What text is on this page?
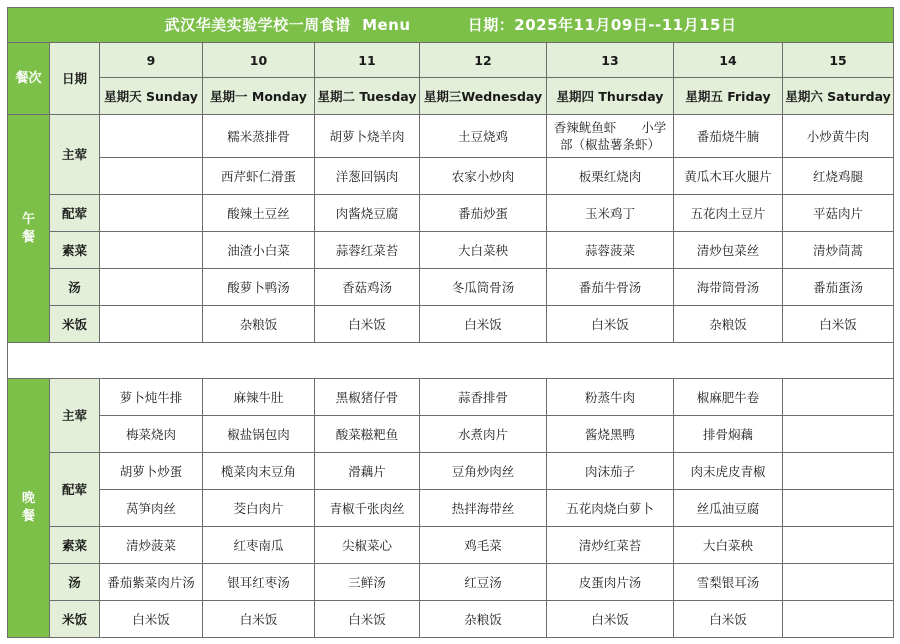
武汉华美实验学校一周食谱 Menu 日期：2025年11月09日--11月15日								
餐次	日期	9	10	11	12	13	14	15
		星期天 Sunday	星期一 Monday	星期二 Tuesday	星期三Wednesday	星期四 Thursday	星期五 Friday	星期六 Saturday
午
餐	主荤		糯米蒸排骨	胡萝卜烧羊肉	土豆烧鸡	香辣鱿鱼虾　　小学部（椒盐薯条虾）	番茄烧牛腩	小炒黄牛肉
			西芹虾仁滑蛋	洋葱回锅肉	农家小炒肉	板栗红烧肉	黄瓜木耳火腿片	红烧鸡腿
	配荤		酸辣土豆丝	肉酱烧豆腐	番茄炒蛋	玉米鸡丁	五花肉土豆片	平菇肉片
	素菜		油渣小白菜	蒜蓉红菜苔	大白菜秧	蒜蓉菠菜	清炒包菜丝	清炒茼蒿
	汤		酸萝卜鸭汤	香菇鸡汤	冬瓜筒骨汤	番茄牛骨汤	海带筒骨汤	番茄蛋汤
	米饭		杂粮饭	白米饭	白米饭	白米饭	杂粮饭	白米饭

晚
餐	主荤	萝卜炖牛排	麻辣牛肚	黑椒猪仔骨	蒜香排骨	粉蒸牛肉	椒麻肥牛卷	
		梅菜烧肉	椒盐锅包肉	酸菜糍粑鱼	水煮肉片	酱烧黑鸭	排骨焖藕	
	配荤	胡萝卜炒蛋	榄菜肉末豆角	滑藕片	豆角炒肉丝	肉沫茄子	肉末虎皮青椒	
		莴笋肉丝	茭白肉片	青椒千张肉丝	热拌海带丝	五花肉烧白萝卜	丝瓜油豆腐	
	素菜	清炒菠菜	红枣南瓜	尖椒菜心	鸡毛菜	清炒红菜苔	大白菜秧	
	汤	番茄紫菜肉片汤	银耳红枣汤	三鲜汤	红豆汤	皮蛋肉片汤	雪梨银耳汤	
	米饭	白米饭	白米饭	白米饭	杂粮饭	白米饭	白米饭	
